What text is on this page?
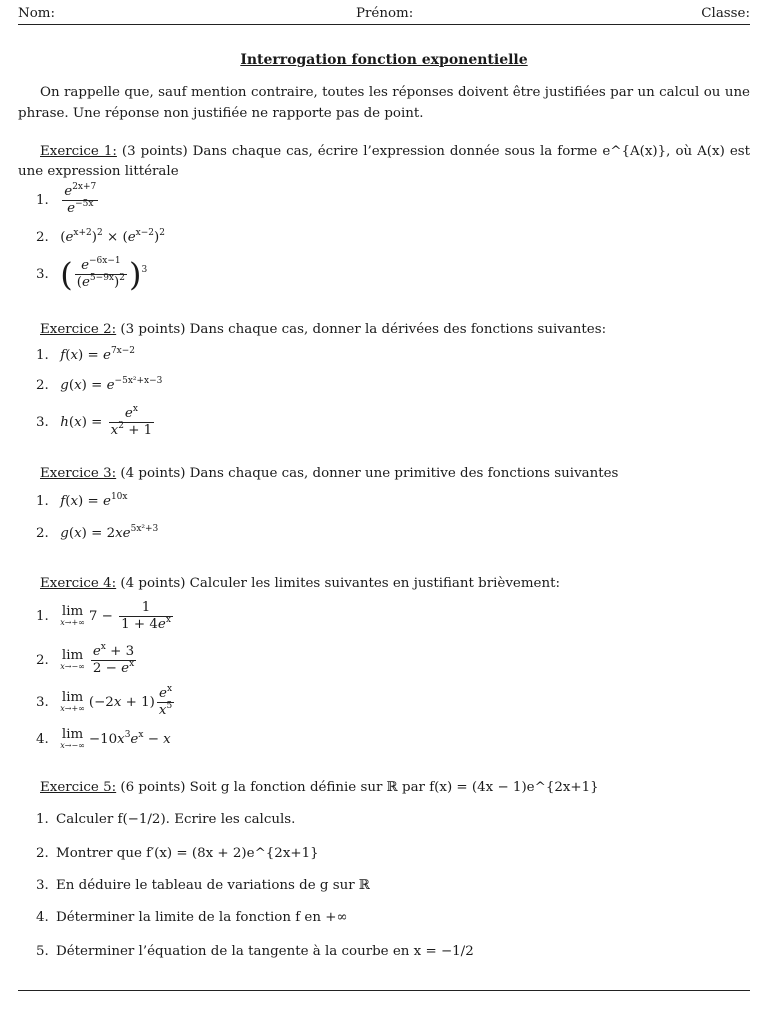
Nom:	Prénom:	Classe:
Interrogation fonction exponentielle
On rappelle que, sauf mention contraire, toutes les réponses doivent être justifiées par un calcul ou une phrase. Une réponse non justifiée ne rapporte pas de point.
Exercice 1: (3 points) Dans chaque cas, écrire l’expression donnée sous la forme e^{A(x)}, où A(x) est une expression littérale
1. $\frac{e^{2x+7}}{e^{-5x}}$
2. $(e^{x+2})^2 \times (e^{x-2})^2$
3. ( $\frac{e^{-6x-1}}{(e^{5-9x})^2} )^3$
Exercice 2: (3 points) Dans chaque cas, donner la dérivées des fonctions suivantes:
1. $f(x) = e^{7x-2}$
2. $g(x) = e^{-5x^2+x-3}$
3. $h(x) = \frac{e^x}{x^2 + 1}$
Exercice 3: (4 points) Dans chaque cas, donner une primitive des fonctions suivantes
1. $f(x) = e^{10x}$
2. $g(x) = 2xe^{5x^2+3}$
Exercice 4: (4 points) Calculer les limites suivantes en justifiant brièvement:
1. lim
x→+∞ $7 - \frac{1}{1 + 4e^x}$
2. lim
$x\to-\infty \frac{e^x + 3}{2 - e^x}$
3. lim
x→+∞ $(-2x + 1) \frac{e^x}{x^5}$
4. lim
$x\to-\infty -10x^3e^x - x$
Exercice 5: (6 points) Soit g la fonction définie sur ℝ par f(x) = (4x − 1)e^{2x+1}
1. Calculer f(−1/2). Ecrire les calculs.
2. Montrer que f′(x) = (8x + 2)e^{2x+1}
3. En déduire le tableau de variations de g sur ℝ
4. Déterminer la limite de la fonction f en +∞
5. Déterminer l’équation de la tangente à la courbe en x = −1/2
